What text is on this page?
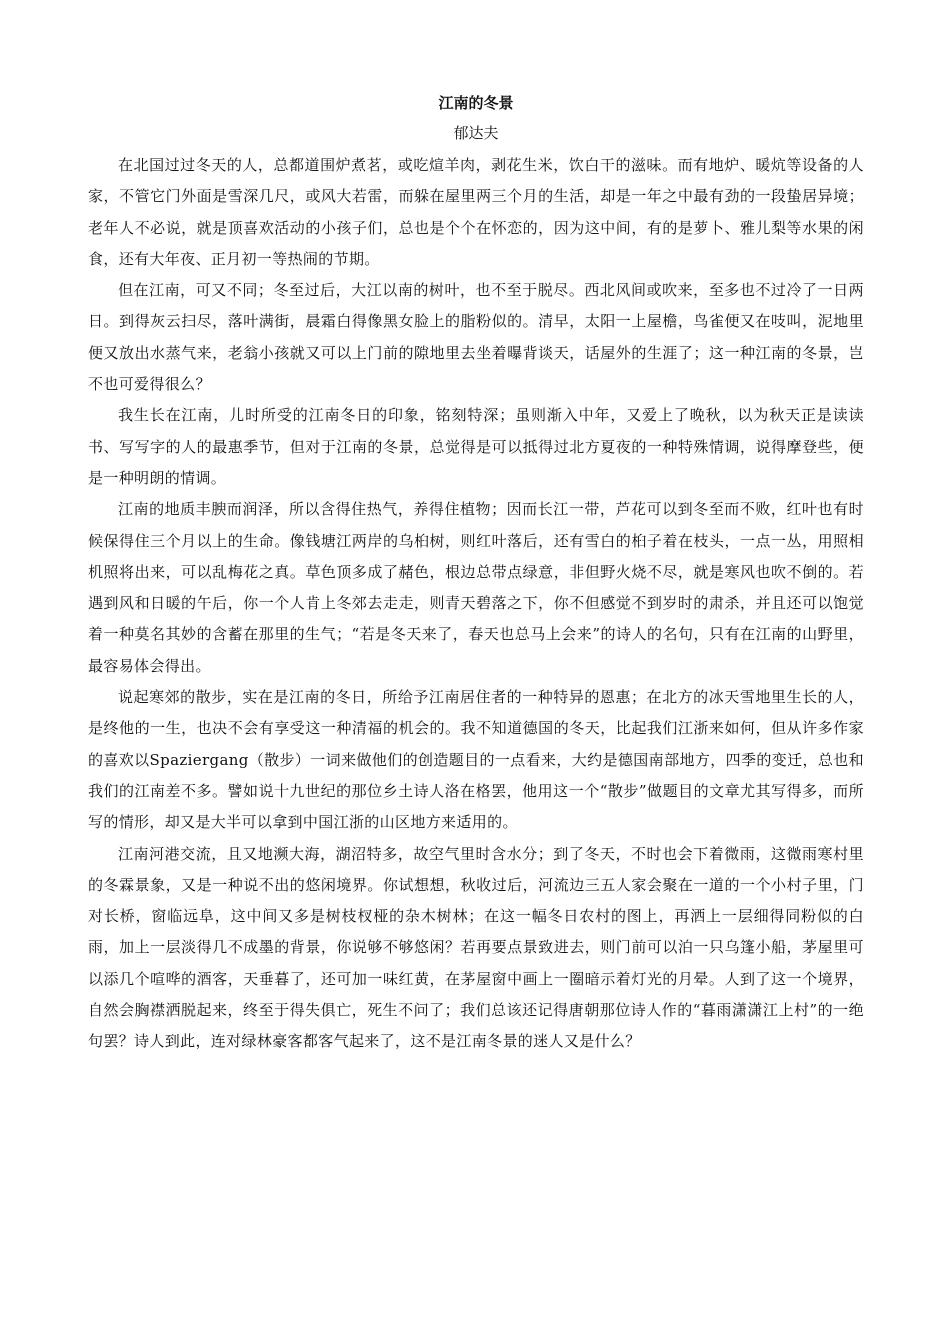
江南的冬景
郁达夫

在北国过过冬天的人，总都道围炉煮茗，或吃煊羊肉，剥花生米，饮白干的滋味。而有地炉、暖炕等设备的人家，不管它门外面是雪深几尺，或风大若雷，而躲在屋里两三个月的生活，却是一年之中最有劲的一段蛰居异境；老年人不必说，就是顶喜欢活动的小孩子们，总也是个个在怀恋的，因为这中间，有的是萝卜、雅儿梨等水果的闲食，还有大年夜、正月初一等热闹的节期。

但在江南，可又不同；冬至过后，大江以南的树叶，也不至于脱尽。西北风间或吹来，至多也不过冷了一日两日。到得灰云扫尽，落叶满街，晨霜白得像黑女脸上的脂粉似的。清早，太阳一上屋檐，鸟雀便又在吱叫，泥地里便又放出水蒸气来，老翁小孩就又可以上门前的隙地里去坐着曝背谈天，话屋外的生涯了；这一种江南的冬景，岂不也可爱得很么？

我生长在江南，儿时所受的江南冬日的印象，铭刻特深；虽则渐入中年，又爱上了晚秋，以为秋天正是读读书、写写字的人的最惠季节，但对于江南的冬景，总觉得是可以抵得过北方夏夜的一种特殊情调，说得摩登些，便是一种明朗的情调。

江南的地质丰腴而润泽，所以含得住热气，养得住植物；因而长江一带，芦花可以到冬至而不败，红叶也有时候保得住三个月以上的生命。像钱塘江两岸的乌桕树，则红叶落后，还有雪白的桕子着在枝头，一点一丛，用照相机照将出来，可以乱梅花之真。草色顶多成了赭色，根边总带点绿意，非但野火烧不尽，就是寒风也吹不倒的。若遇到风和日暖的午后，你一个人肯上冬郊去走走，则青天碧落之下，你不但感觉不到岁时的肃杀，并且还可以饱觉着一种莫名其妙的含蓄在那里的生气；“若是冬天来了，春天也总马上会来”的诗人的名句，只有在江南的山野里，最容易体会得出。

说起寒郊的散步，实在是江南的冬日，所给予江南居住者的一种特异的恩惠；在北方的冰天雪地里生长的人，是终他的一生，也决不会有享受这一种清福的机会的。我不知道德国的冬天，比起我们江浙来如何，但从许多作家的喜欢以Spaziergang（散步）一词来做他们的创造题目的一点看来，大约是德国南部地方，四季的变迁，总也和我们的江南差不多。譬如说十九世纪的那位乡土诗人洛在格罢，他用这一个“散步”做题目的文章尤其写得多，而所写的情形，却又是大半可以拿到中国江浙的山区地方来适用的。

江南河港交流，且又地濒大海，湖沼特多，故空气里时含水分；到了冬天，不时也会下着微雨，这微雨寒村里的冬霖景象，又是一种说不出的悠闲境界。你试想想，秋收过后，河流边三五人家会聚在一道的一个小村子里，门对长桥，窗临远阜，这中间又多是树枝杈桠的杂木树林；在这一幅冬日农村的图上，再洒上一层细得同粉似的白雨，加上一层淡得几不成墨的背景，你说够不够悠闲？若再要点景致进去，则门前可以泊一只乌篷小船，茅屋里可以添几个喧哗的酒客，天垂暮了，还可加一味红黄，在茅屋窗中画上一圈暗示着灯光的月晕。人到了这一个境界，自然会胸襟洒脱起来，终至于得失俱亡，死生不问了；我们总该还记得唐朝那位诗人作的“暮雨潇潇江上村”的一绝句罢？诗人到此，连对绿林豪客都客气起来了，这不是江南冬景的迷人又是什么？
